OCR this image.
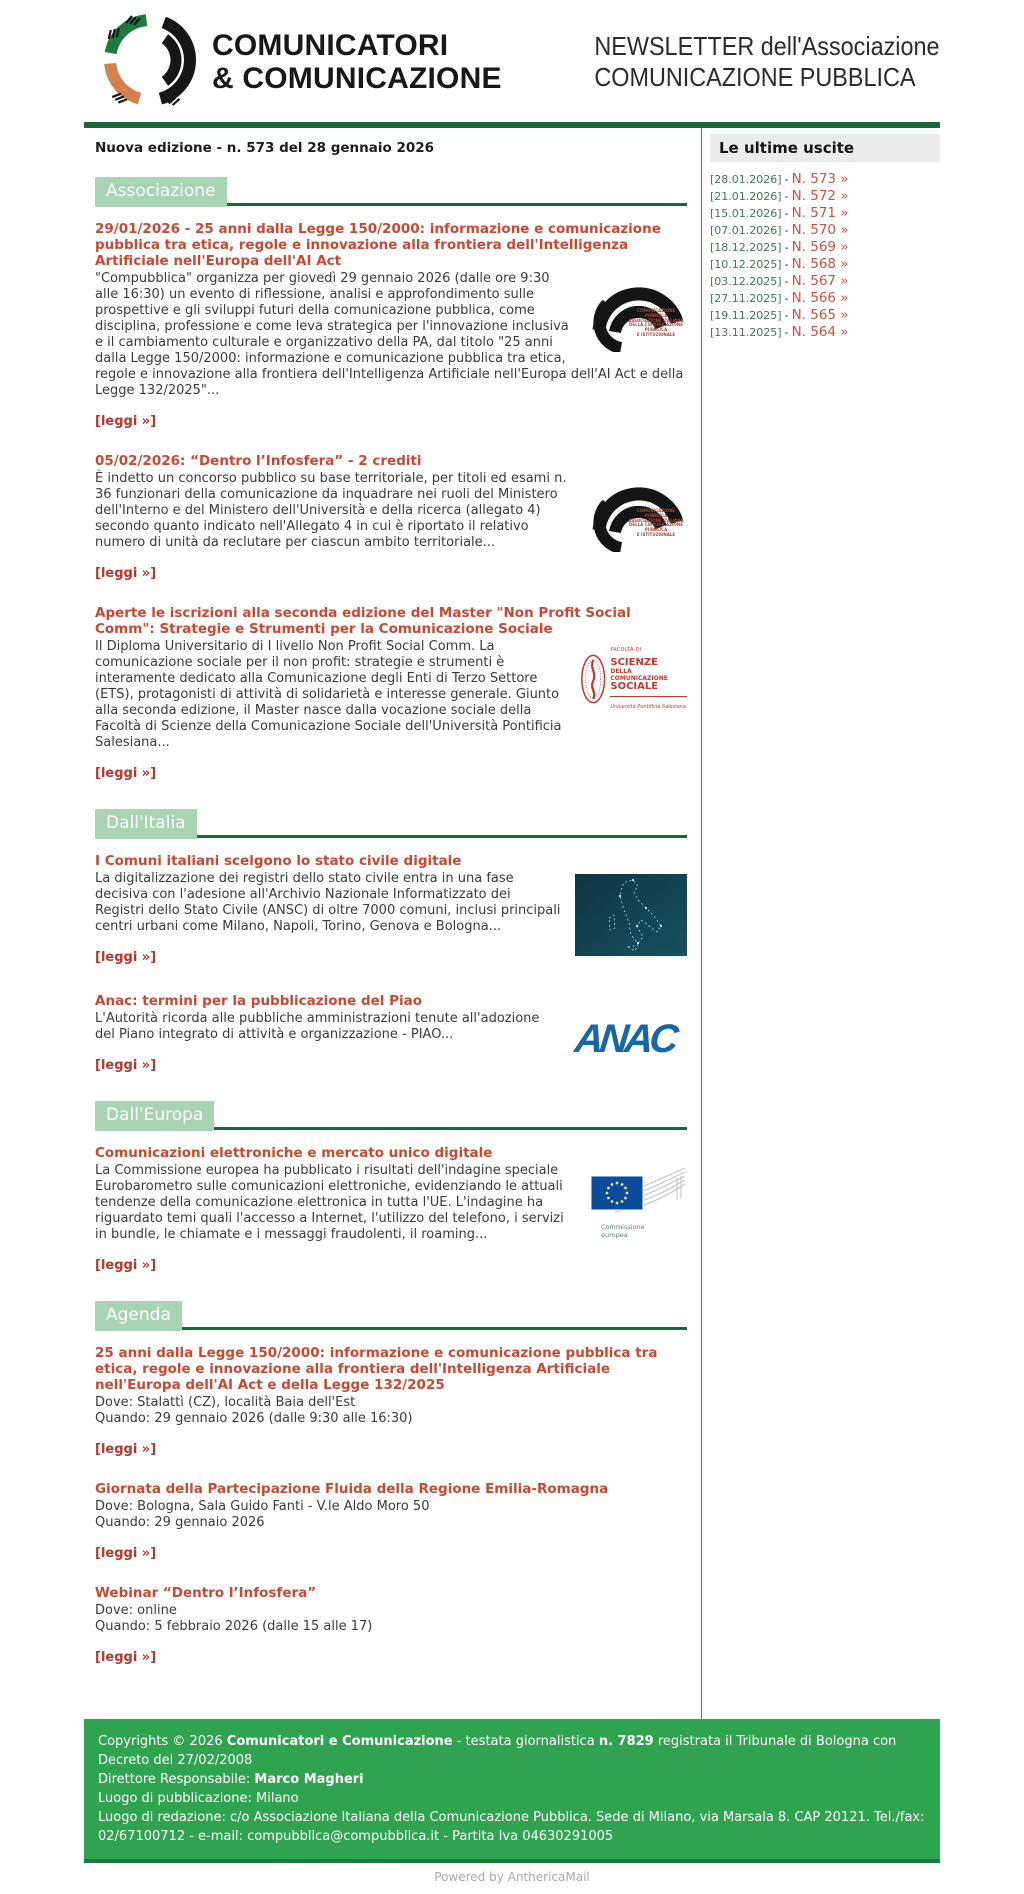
COMUNICATORI
& COMUNICAZIONE
NEWSLETTER dell'Associazione
COMUNICAZIONE PUBBLICA
Nuova edizione - n. 573 del 28 gennaio 2026
Associazione
29/01/2026 - 25 anni dalla Legge 150/2000: informazione e comunicazione pubblica tra etica, regole e innovazione alla frontiera dell'Intelligenza Artificiale nell'Europa dell'AI Act
COMUNICAZIONE PUBBLICA
ASSOCIAZIONE ITALIANA
DELLA COMUNICAZIONE PUBBLICA
E ISTITUZIONALE

"Compubblica" organizza per giovedì 29 gennaio 2026 (dalle ore 9:30 alle 16:30) un evento di riflessione, analisi e approfondimento sulle prospettive e gli sviluppi futuri della comunicazione pubblica, come disciplina, professione e come leva strategica per l'innovazione inclusiva e il cambiamento culturale e organizzativo della PA, dal titolo "25 anni dalla Legge 150/2000: informazione e comunicazione pubblica tra etica, regole e innovazione alla frontiera dell'Intelligenza Artificiale nell'Europa dell'AI Act e della Legge 132/2025"...

[leggi »]
05/02/2026: “Dentro l’Infosfera” - 2 crediti
COMUNICAZIONE PUBBLICA
ASSOCIAZIONE ITALIANA
DELLA COMUNICAZIONE PUBBLICA
E ISTITUZIONALE

È indetto un concorso pubblico su base territoriale, per titoli ed esami n. 36 funzionari della comunicazione da inquadrare nei ruoli del Ministero dell'Interno e del Ministero dell'Università e della ricerca (allegato 4) secondo quanto indicato nell'Allegato 4 in cui è riportato il relativo numero di unità da reclutare per ciascun ambito territoriale...

[leggi »]
Aperte le iscrizioni alla seconda edizione del Master "Non Profit Social Comm": Strategie e Strumenti per la Comunicazione Sociale
FACOLTÀ DI
SCIENZE
DELLA COMUNICAZIONE
SOCIALE
Università Pontificia Salesiana

Il Diploma Universitario di I livello Non Profit Social Comm. La comunicazione sociale per il non profit: strategie e strumenti è interamente dedicato alla Comunicazione degli Enti di Terzo Settore (ETS), protagonisti di attività di solidarietà e interesse generale. Giunto alla seconda edizione, il Master nasce dalla vocazione sociale della Facoltà di Scienze della Comunicazione Sociale dell'Università Pontificia Salesiana...

[leggi »]
Dall'Italia
I Comuni italiani scelgono lo stato civile digitale

La digitalizzazione dei registri dello stato civile entra in una fase decisiva con l'adesione all'Archivio Nazionale Informatizzato dei Registri dello Stato Civile (ANSC) di oltre 7000 comuni, inclusi principali centri urbani come Milano, Napoli, Torino, Genova e Bologna...

[leggi »]
Anac: termini per la pubblicazione del Piao
ANAC

L'Autorità ricorda alle pubbliche amministrazioni tenute all'adozione del Piano integrato di attività e organizzazione - PIAO...

[leggi »]
Dall'Europa
Comunicazioni elettroniche e mercato unico digitale
Commissione
europea

La Commissione europea ha pubblicato i risultati dell'indagine speciale Eurobarometro sulle comunicazioni elettroniche, evidenziando le attuali tendenze della comunicazione elettronica in tutta l'UE. L'indagine ha riguardato temi quali l'accesso a Internet, l'utilizzo del telefono, i servizi in bundle, le chiamate e i messaggi fraudolenti, il roaming...

[leggi »]
Agenda
25 anni dalla Legge 150/2000: informazione e comunicazione pubblica tra etica, regole e innovazione alla frontiera dell'Intelligenza Artificiale nell'Europa dell'AI Act e della Legge 132/2025
Dove: Stalattì (CZ), località Baia dell'Est
Quando: 29 gennaio 2026 (dalle 9:30 alle 16:30)
[leggi »]
Giornata della Partecipazione Fluida della Regione Emilia-Romagna
Dove: Bologna, Sala Guido Fanti - V.le Aldo Moro 50
Quando: 29 gennaio 2026
[leggi »]
Webinar “Dentro l’Infosfera”
Dove: online
Quando: 5 febbraio 2026 (dalle 15 alle 17)
[leggi »]
Le ultime uscite
[28.01.2026] - N. 573 »
[21.01.2026] - N. 572 »
[15.01.2026] - N. 571 »
[07.01.2026] - N. 570 »
[18.12.2025] - N. 569 »
[10.12.2025] - N. 568 »
[03.12.2025] - N. 567 »
[27.11.2025] - N. 566 »
[19.11.2025] - N. 565 »
[13.11.2025] - N. 564 »
Copyrights © 2026 Comunicatori e Comunicazione - testata giornalistica n. 7829 registrata il Tribunale di Bologna con Decreto del 27/02/2008
Direttore Responsabile: Marco Magheri
Luogo di pubblicazione: Milano
Luogo di redazione: c/o Associazione Italiana della Comunicazione Pubblica. Sede di Milano, via Marsala 8. CAP 20121. Tel./fax: 02/67100712 - e-mail: compubblica@compubblica.it - Partita Iva 04630291005
Powered by AnthericaMail
